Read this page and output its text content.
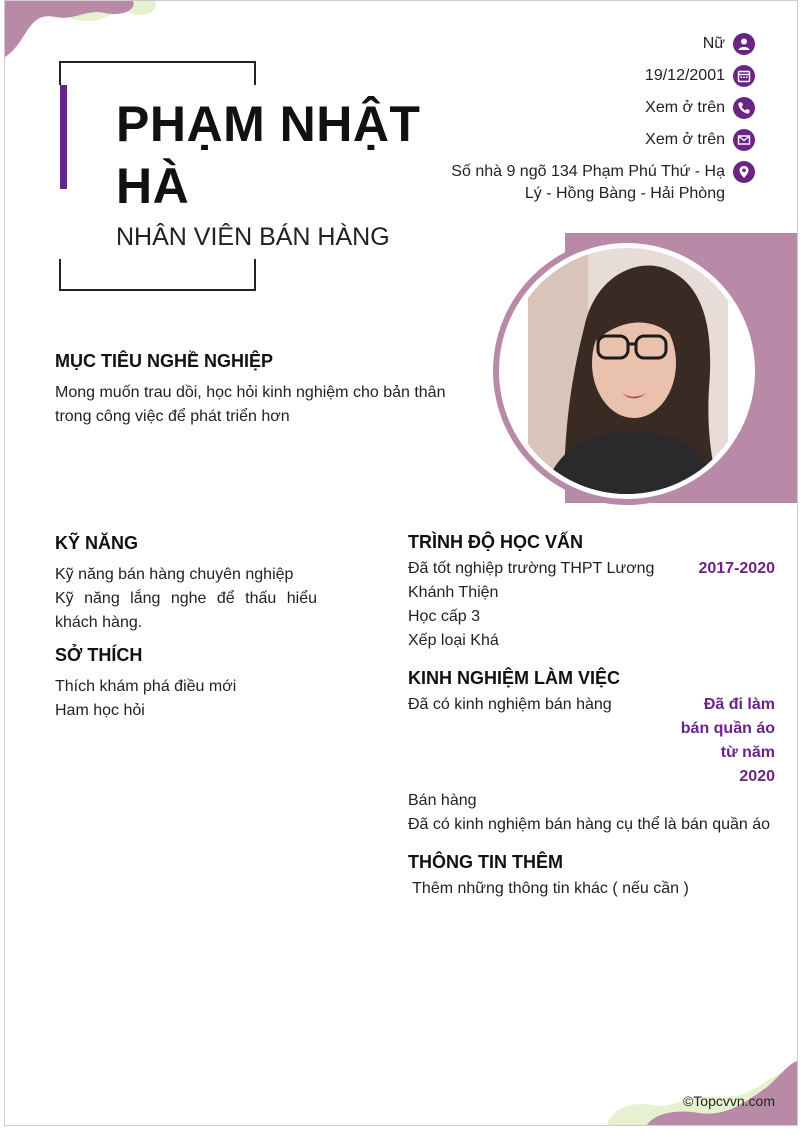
PHẠM NHẬT HÀ
NHÂN VIÊN BÁN HÀNG
Nữ
19/12/2001
Xem ở trên
Xem ở trên
Số nhà 9 ngõ 134 Phạm Phú Thứ - Hạ
Lý - Hồng Bàng - Hải Phòng
MỤC TIÊU NGHỀ NGHIỆP
Mong muốn trau dồi, học hỏi kinh nghiệm cho bản thân
trong công việc để phát triển hơn
KỸ NĂNG
Kỹ năng bán hàng chuyên nghiệp
Kỹ năng lắng nghe để thấu hiểu
khách hàng.
SỞ THÍCH
Thích khám phá điều mới
Ham học hỏi
TRÌNH ĐỘ HỌC VẤN
Đã tốt nghiệp trường THPT Lương
Khánh Thiện
Học cấp 3
Xếp loại Khá
2017-2020
KINH NGHIỆM LÀM VIỆC
Đã có kinh nghiệm bán hàng	Đã đi làm
bán quần áo
từ năm
2020
Bán hàng
Đã có kinh nghiệm bán hàng cụ thể là bán quần áo
THÔNG TIN THÊM
Thêm những thông tin khác ( nếu cần )
©Topcvvn.com
